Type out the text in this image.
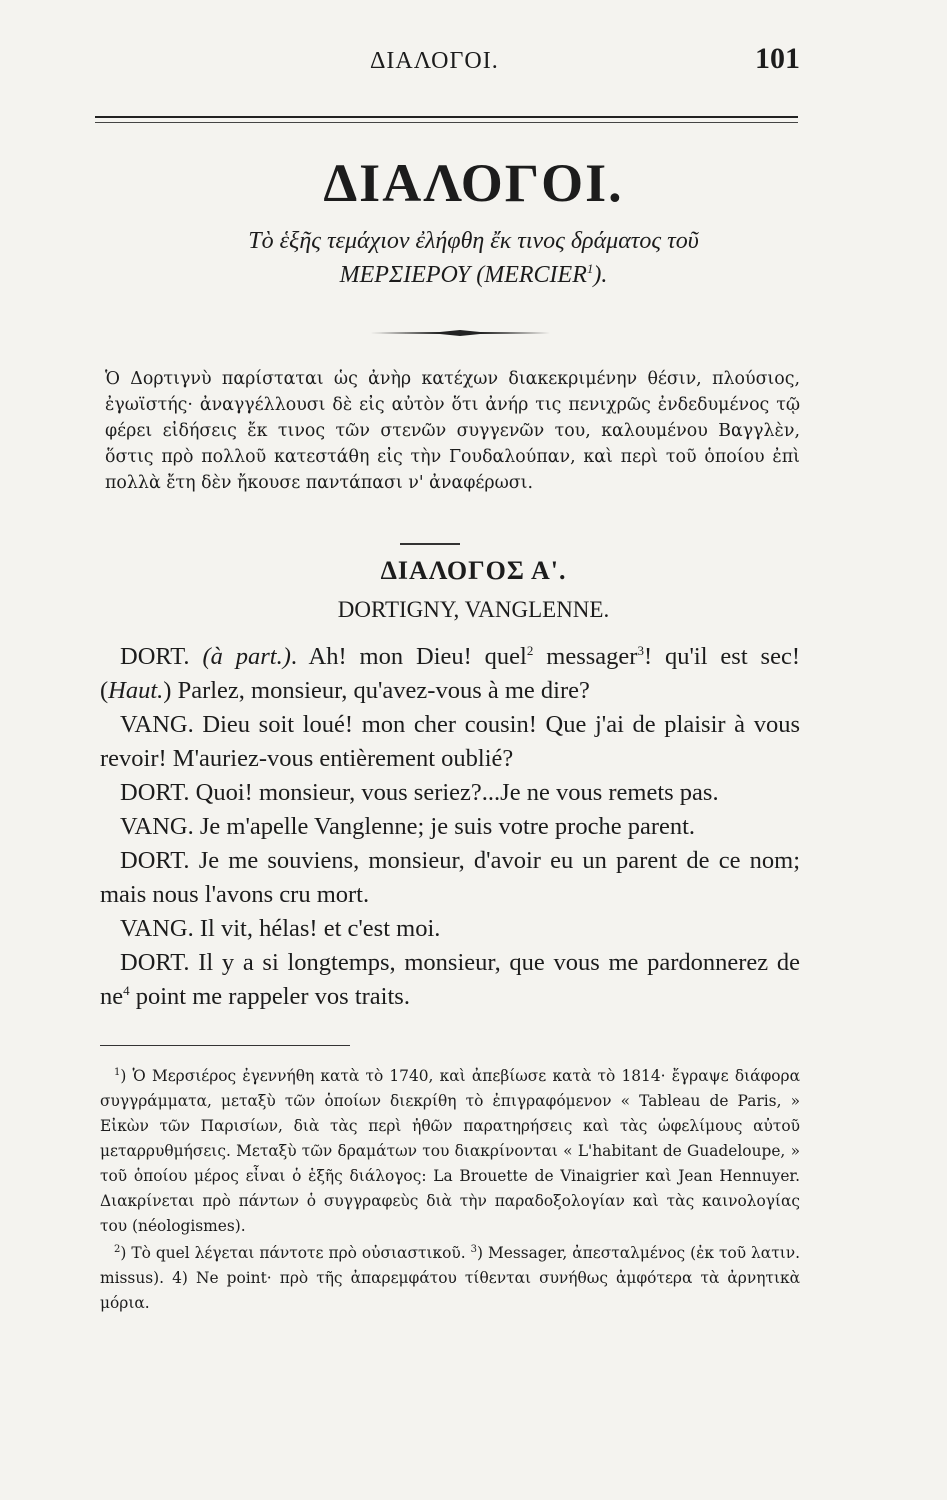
ΔΙΑΛΟΓΟΙ.	101
ΔΙΑΛΟΓΟΙ.
Τὸ ἑξῆς τεμάχιον ἐλήφθη ἔκ τινος δράματος τοῦ
ΜΕΡΣΙΕΡΟΥ (MERCIER$^1$).
Ὁ Δορτιγνὺ παρίσταται ὡς ἀνὴρ κατέχων διακεκριμένην θέσιν, πλούσιος, ἐγωϊστής· ἀναγγέλλουσι δὲ εἰς αὐτὸν ὅτι ἀνήρ τις πενιχρῶς ἐνδεδυμένος τῷ φέρει εἰδήσεις ἔκ τινος τῶν στενῶν συγγενῶν του, καλουμένου Βαγγλὲν, ὅστις πρὸ πολλοῦ κατεστάθη εἰς τὴν Γουδαλούπαν, καὶ περὶ τοῦ ὁποίου ἐπὶ πολλὰ ἔτη δὲν ἤκουσε παντάπασι ν' ἀναφέρωσι.
ΔΙΑΛΟΓΟΣ Α'.
DORTIGNY, VANGLENNE.

DORT. (à part.). Ah! mon Dieu! quel$^2$ messager$^3$! qu'il est sec! (Haut.) Parlez, monsieur, qu'avez-vous à me dire?

VANG. Dieu soit loué! mon cher cousin! Que j'ai de plaisir à vous revoir! M'auriez-vous entièrement oublié?

DORT. Quoi! monsieur, vous seriez?...Je ne vous remets pas.

VANG. Je m'apelle Vanglenne; je suis votre proche parent.

DORT. Je me souviens, monsieur, d'avoir eu un parent de ce nom; mais nous l'avons cru mort.

VANG. Il vit, hélas! et c'est moi.

DORT. Il y a si longtemps, monsieur, que vous me pardonnerez de $ne^4$ point me rappeler vos traits.

$^1$) Ὁ Μερσιέρος ἐγεννήθη κατὰ τὸ 1740, καὶ ἀπεβίωσε κατὰ τὸ 1814· ἔγραψε διάφορα συγγράμματα, μεταξὺ τῶν ὁποίων διεκρίθη τὸ ἐπιγραφόμενον « Tableau de Paris, » Εἰκὼν τῶν Παρισίων, διὰ τὰς περὶ ἠθῶν παρατηρήσεις καὶ τὰς ὠφελίμους αὐτοῦ μεταρρυθμήσεις. Μεταξὺ τῶν δραμάτων του διακρίνονται « L'habitant de Guadeloupe, » τοῦ ὁποίου μέρος εἶναι ὁ ἑξῆς διάλογος: La Brouette de Vinaigrier καὶ Jean Hennuyer. Διακρίνεται πρὸ πάντων ὁ συγγραφεὺς διὰ τὴν παραδοξολογίαν καὶ τὰς καινολογίας του (néologismes).

$^2$) Τὸ quel λέγεται πάντοτε πρὸ οὐσιαστικοῦ. $^3$) Messager, ἀπεσταλμένος (ἐκ τοῦ λατιν. missus). 4) Ne point· πρὸ τῆς ἀπαρεμφάτου τίθενται συνήθως ἀμφότερα τὰ ἀρνητικὰ μόρια.
